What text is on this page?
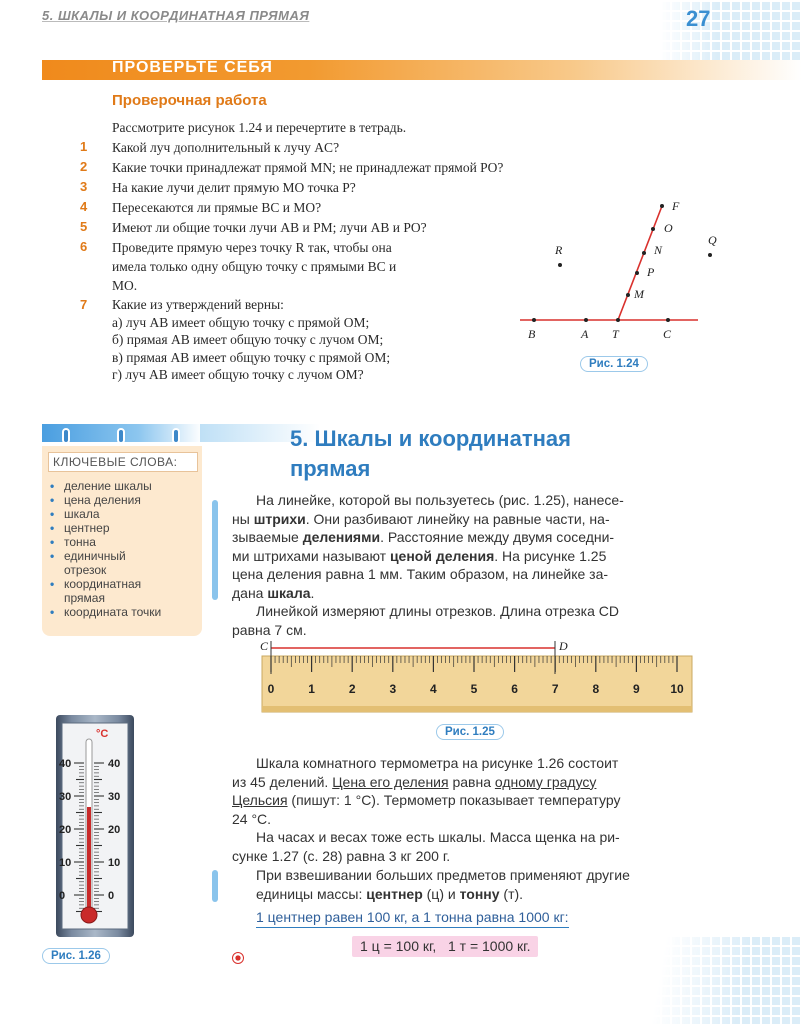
5. ШКАЛЫ И КООРДИНАТНАЯ ПРЯМАЯ	27
ПРОВЕРЬТЕ СЕБЯ
Проверочная работа
Рассмотрите рисунок 1.24 и перечертите в тетрадь.
1 Какой луч дополнительный к лучу AC?
2 Какие точки принадлежат прямой MN; не принадлежат прямой PO?
3 На какие лучи делит прямую MO точка P?
4 Пересекаются ли прямые BC и MO?
5 Имеют ли общие точки лучи AB и PM; лучи AB и PO?
6 Проведите прямую через точку R так, чтобы она
имела только одну общую точку с прямыми BC и
MO.
7 Какие из утверждений верны:
а) луч AB имеет общую точку с прямой OM;
б) прямая AB имеет общую точку с лучом OM;
в) прямая AB имеет общую точку с прямой OM;
г) луч AB имеет общую точку с лучом OM?
F
O
N
P
M
R
Q
B	A T	C
Рис. 1.24
КЛЮЧЕВЫЕ СЛОВА:
• деление шкалы
• цена деления
• шкала
• центнер
• тонна
• единичный отрезок
• координатная прямая
• координата точки
5. Шкалы и координатная
прямая
На линейке, которой вы пользуетесь (рис. 1.25), нанесе-
ны штрихи. Они разбивают линейку на равные части, на-
зываемые делениями. Расстояние между двумя соседни-
ми штрихами называют ценой деления. На рисунке 1.25
цена деления равна 1 мм. Таким образом, на линейке за-
дана шкала.
Линейкой измеряют длины отрезков. Длина отрезка CD
равна 7 см.
C	D
0	1	2	3	4	5	6	7	8	9	10
Рис. 1.25
Шкала комнатного термометра на рисунке 1.26 состоит
из 45 делений. Цена его деления равна одному градусу
Цельсия (пишут: 1 °С). Термометр показывает температуру
24 °С.
На часах и весах тоже есть шкалы. Масса щенка на ри-
сунке 1.27 (с. 28) равна 3 кг 200 г.
При взвешивании больших предметов применяют другие
единицы массы: центнер (ц) и тонну (т).
1 центнер равен 100 кг, а 1 тонна равна 1000 кг:
1 ц = 100 кг,   1 т = 1000 кг.
°C
40
30
20
10
0
40
30
20
10
0
Рис. 1.26
